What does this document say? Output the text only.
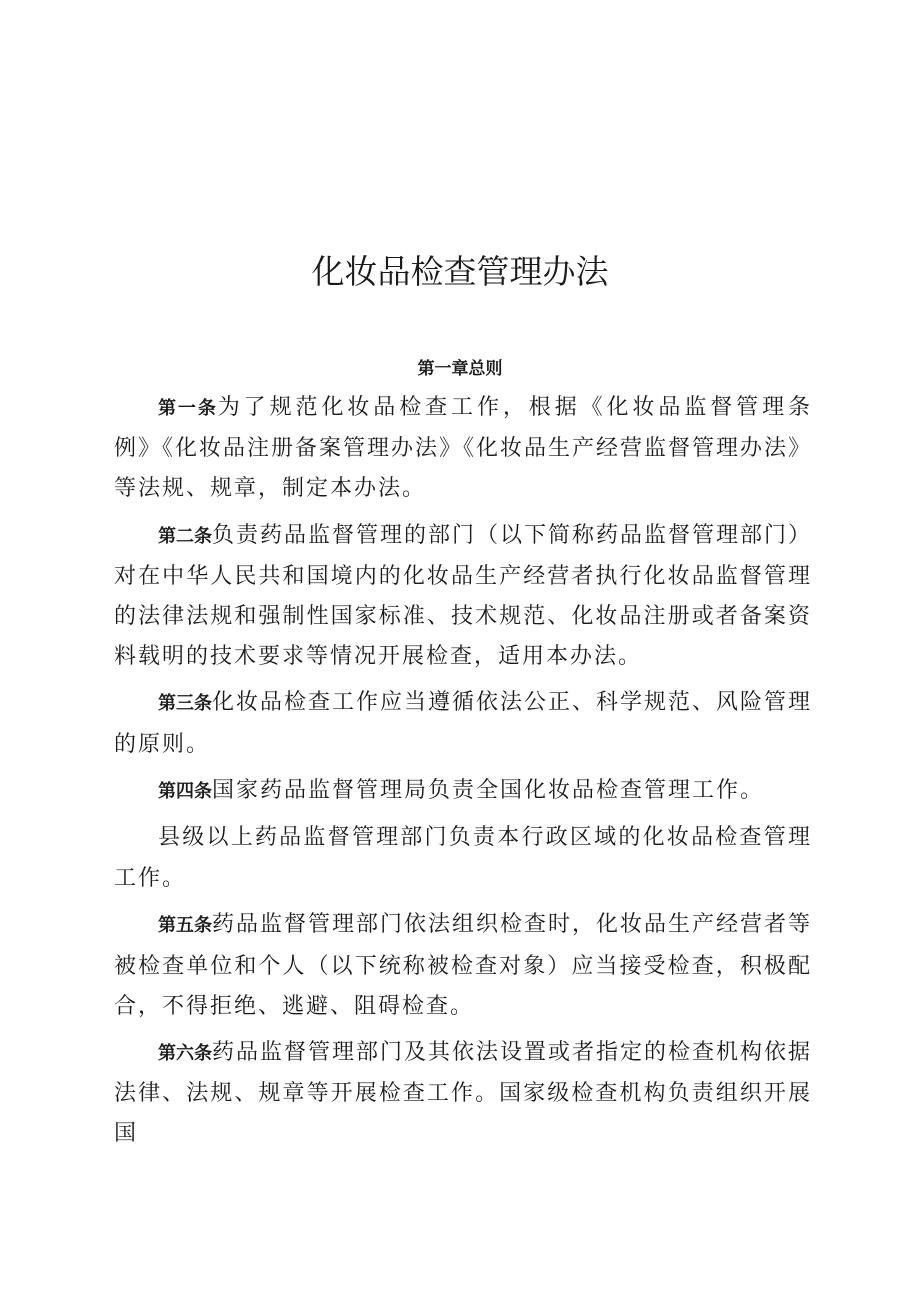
化妆品检查管理办法
第一章总则

第一条为了规范化妆品检查工作，根据《化妆品监督管理条例》《化妆品注册备案管理办法》《化妆品生产经营监督管理办法》等法规、规章，制定本办法。

第二条负责药品监督管理的部门（以下简称药品监督管理部门）对在中华人民共和国境内的化妆品生产经营者执行化妆品监督管理的法律法规和强制性国家标准、技术规范、化妆品注册或者备案资料载明的技术要求等情况开展检查，适用本办法。

第三条化妆品检查工作应当遵循依法公正、科学规范、风险管理的原则。

第四条国家药品监督管理局负责全国化妆品检查管理工作。

县级以上药品监督管理部门负责本行政区域的化妆品检查管理工作。

第五条药品监督管理部门依法组织检查时，化妆品生产经营者等被检查单位和个人（以下统称被检查对象）应当接受检查，积极配合，不得拒绝、逃避、阻碍检查。

第六条药品监督管理部门及其依法设置或者指定的检查机构依据法律、法规、规章等开展检查工作。国家级检查机构负责组织开展国
